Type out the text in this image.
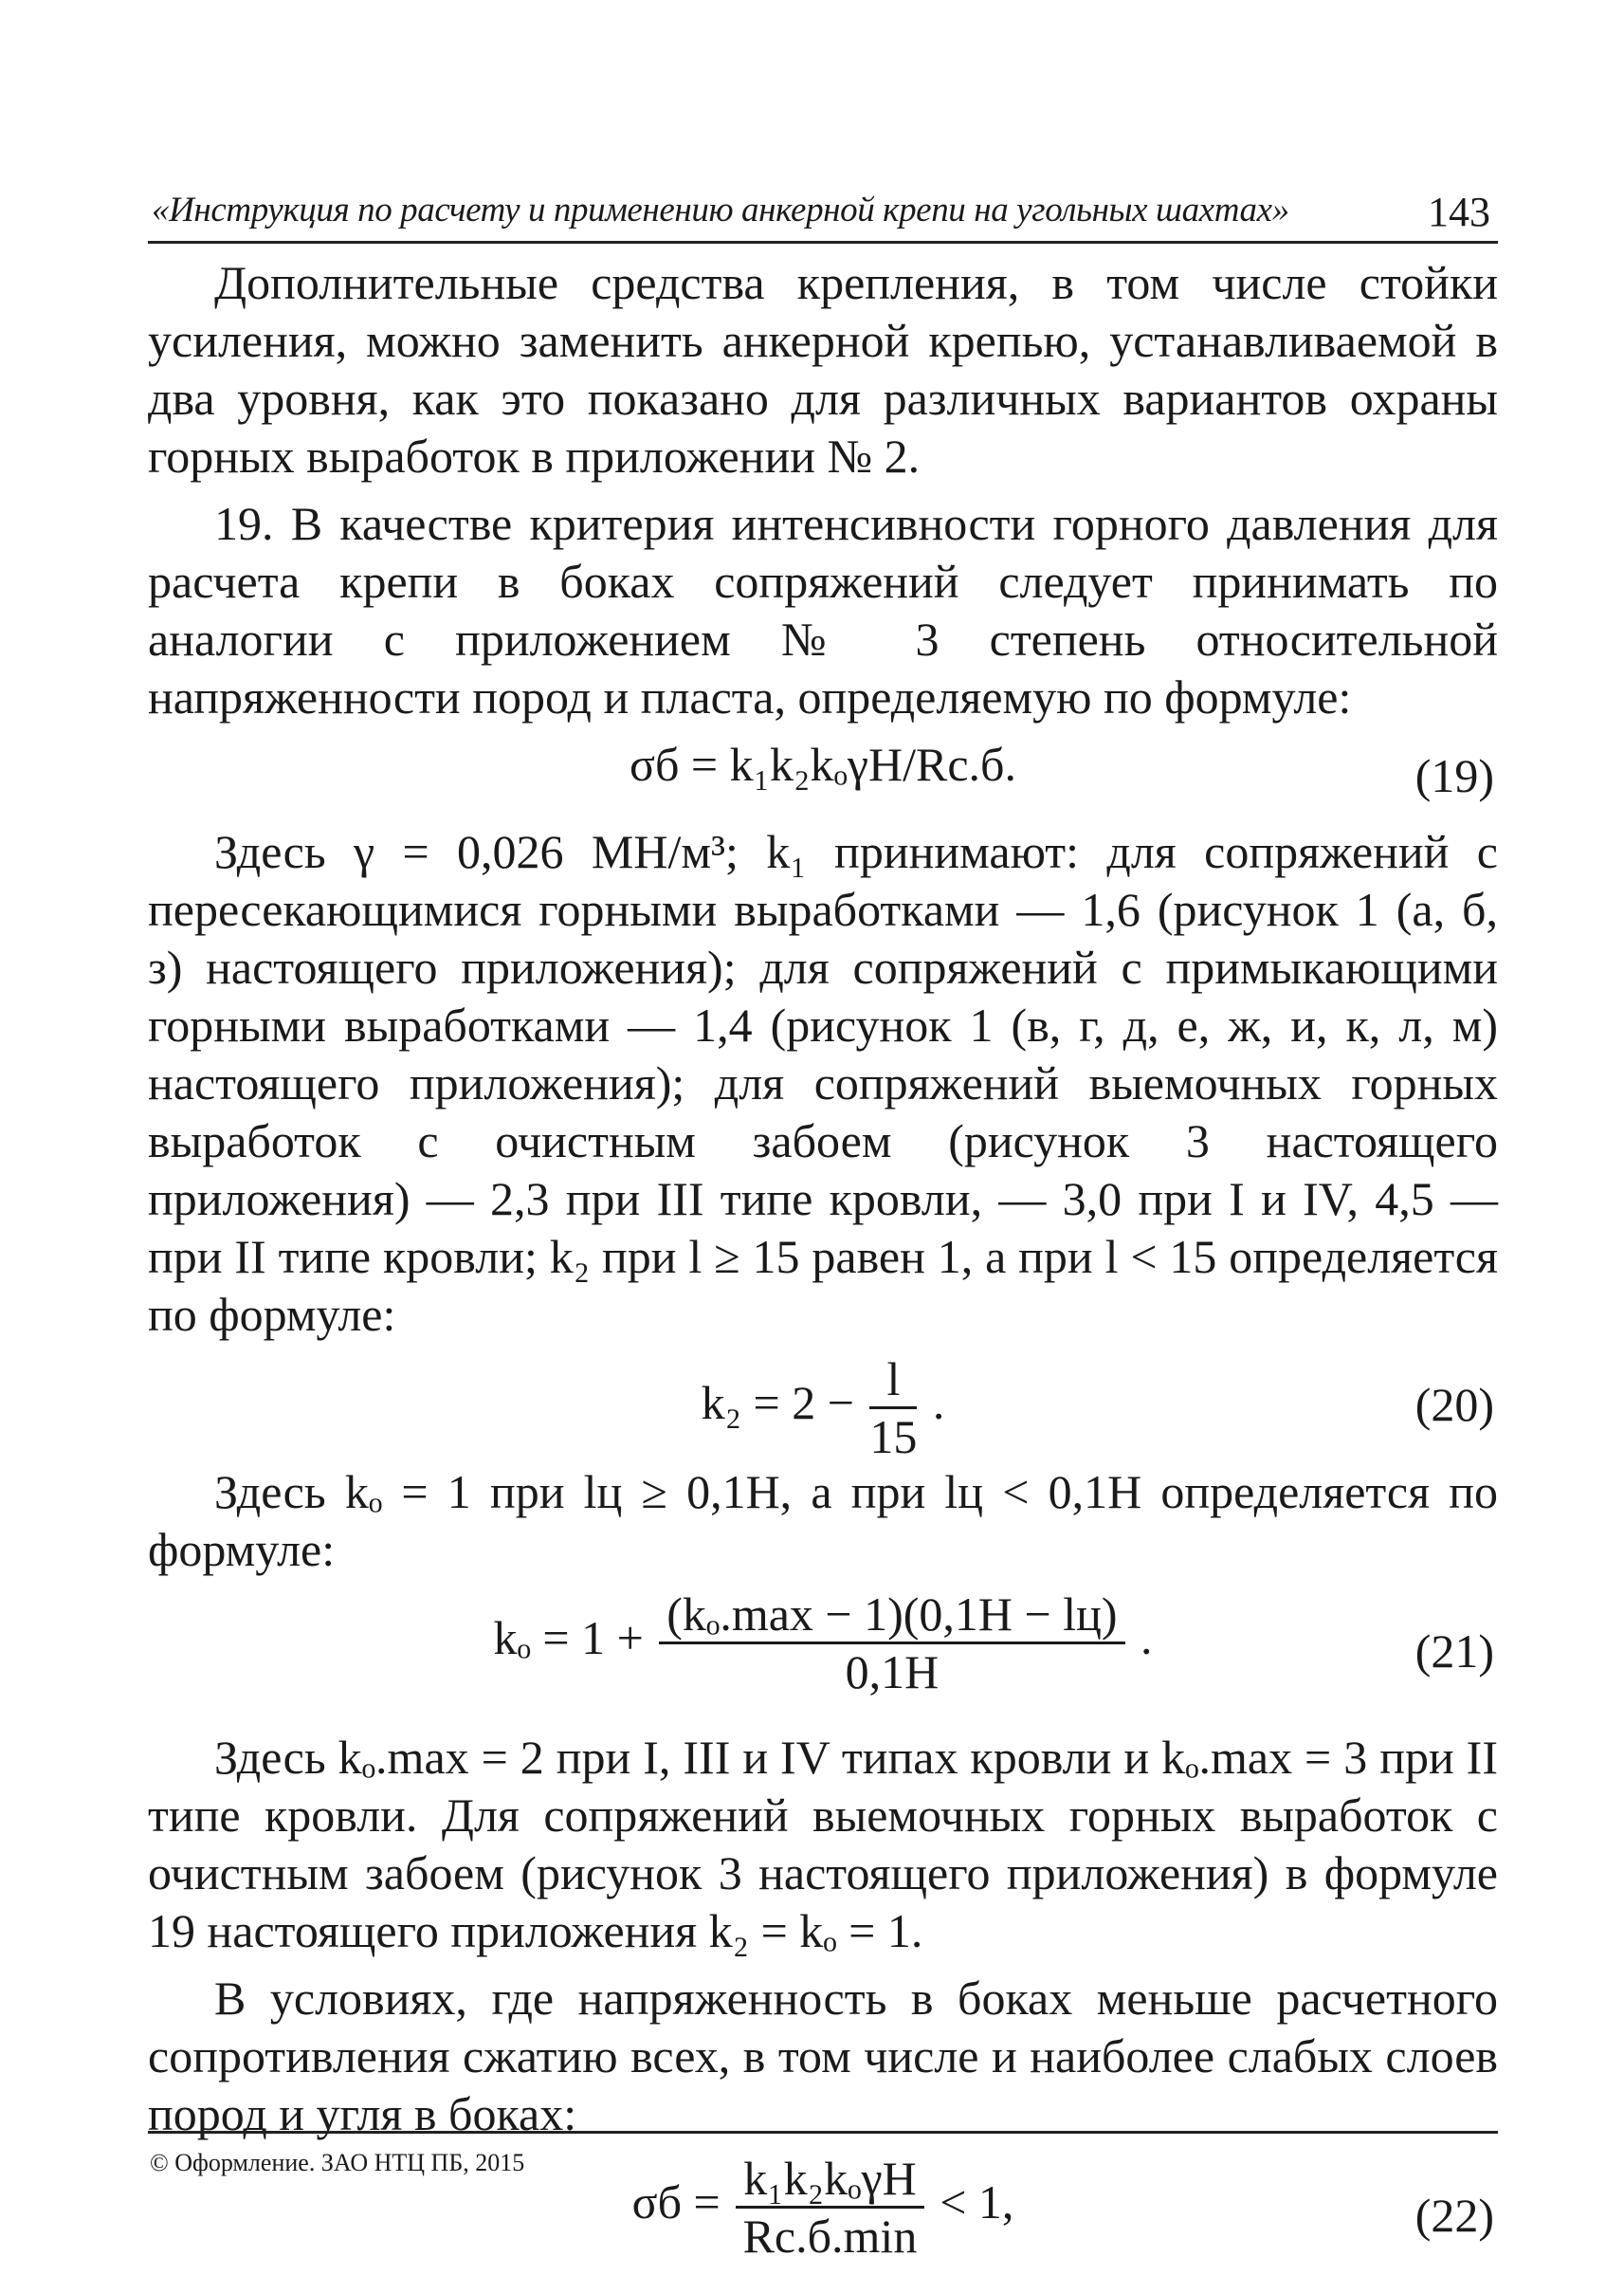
«Инструкция по расчету и применению анкерной крепи на угольных шахтах»	143

Дополнительные средства крепления, в том числе стойки усиления, можно заменить анкерной крепью, устанавливаемой в два уровня, как это показано для различных вариантов охраны горных выработок в приложении № 2.

19. В качестве критерия интенсивности горного давления для расчета крепи в боках сопряжений следует принимать по аналогии с приложением № 3 степень относительной напряженности пород и пласта, определяемую по формуле:

σб = k₁k₂kₒγH/Rс.б.	(19)

Здесь γ = 0,026 МН/м³; k₁ принимают: для сопряжений с пересекающимися горными выработками — 1,6 (рисунок 1 (а, б, з) настоящего приложения); для сопряжений с примыкающими горными выработками — 1,4 (рисунок 1 (в, г, д, е, ж, и, к, л, м) настоящего приложения); для сопряжений выемочных горных выработок с очистным забоем (рисунок 3 настоящего приложения) — 2,3 при III типе кровли, — 3,0 при I и IV, 4,5 — при II типе кровли; k₂ при l ≥ 15 равен 1, а при l < 15 определяется по формуле:

$k_2 = 2 - \frac{l}{15}$ .	(20)

Здесь kₒ = 1 при lц ≥ 0,1H, а при lц < 0,1H определяется по формуле:

$k_o = 1 + \frac{\text{(kₒ.max − 1)(0,1H − lц)}}{0,1H}$ .	(21)

Здесь kₒ.max = 2 при I, III и IV типах кровли и kₒ.max = 3 при II типе кровли. Для сопряжений выемочных горных выработок с очистным забоем (рисунок 3 настоящего приложения) в формуле 19 настоящего приложения k₂ = kₒ = 1.

В условиях, где напряженность в боках меньше расчетного сопротивления сжатию всех, в том числе и наиболее слабых слоев пород и угля в боках:

$\sigma б = \frac{\text{k₁k₂kₒγH}}{Rс.б.\min} < 1$,	(22)
© Оформление. ЗАО НТЦ ПБ, 2015
